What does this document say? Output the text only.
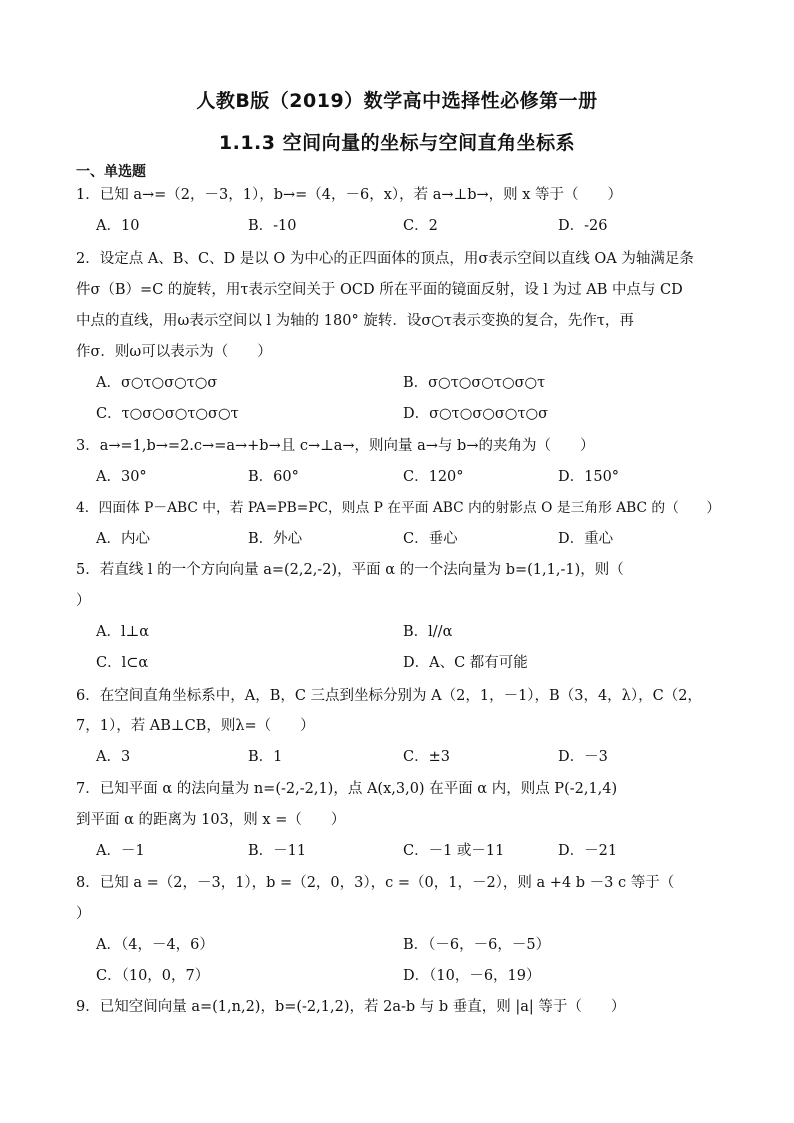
人教B版（2019）数学高中选择性必修第一册
1.1.3 空间向量的坐标与空间直角坐标系
一、单选题
1．已知 a→=（2，－3，1），b→=（4，－6，x），若 a→⊥b→，则 x 等于（　　）
A．10	B．-10	C．2	D．-26
2．设定点 A、B、C、D 是以 O 为中心的正四面体的顶点，用σ表示空间以直线 OA 为轴满足条
件σ（B）=C 的旋转，用τ表示空间关于 OCD 所在平面的镜面反射，设 l 为过 AB 中点与 CD
中点的直线，用ω表示空间以 l 为轴的 180° 旋转．设σ○τ表示变换的复合，先作τ，再
作σ．则ω可以表示为（　　）
A．σ○τ○σ○τ○σ	B．σ○τ○σ○τ○σ○τ
C．τ○σ○σ○τ○σ○τ	D．σ○τ○σ○σ○τ○σ
3．a→=1,b→=2.c→=a→+b→且 c→⊥a→，则向量 a→与 b→的夹角为（　　）
A．30°	B．60°	C．120°	D．150°
4．四面体 P－ABC 中，若 PA=PB=PC，则点 P 在平面 ABC 内的射影点 O 是三角形 ABC 的（　　）
A．内心	B．外心	C．垂心	D．重心
5．若直线 l 的一个方向向量 a=(2,2,-2)，平面 α 的一个法向量为 b=(1,1,-1)，则（
）
A．l⊥α	B．l//α
C．l⊂α	D．A、C 都有可能
6．在空间直角坐标系中，A，B，C 三点到坐标分别为 A（2，1，－1），B（3，4，λ），C（2，
7，1），若 AB⊥CB，则λ=（　　）
A．3	B．1	C．±3	D．－3
7．已知平面 α 的法向量为 n=(-2,-2,1)，点 A(x,3,0) 在平面 α 内，则点 P(-2,1,4)
到平面 α 的距离为 103，则 x =（　　）
A．－1	B．－11	C．－1 或－11	D．－21
8．已知 a =（2，－3，1），b =（2，0，3），c =（0，1，－2），则 a +4 b －3 c 等于（
）
A．（4，－4，6）	B．（－6，－6，－5）
C．（10，0，7）	D．（10，－6，19）
9．已知空间向量 a=(1,n,2)，b=(-2,1,2)，若 2a-b 与 b 垂直，则 |a| 等于（　　）
